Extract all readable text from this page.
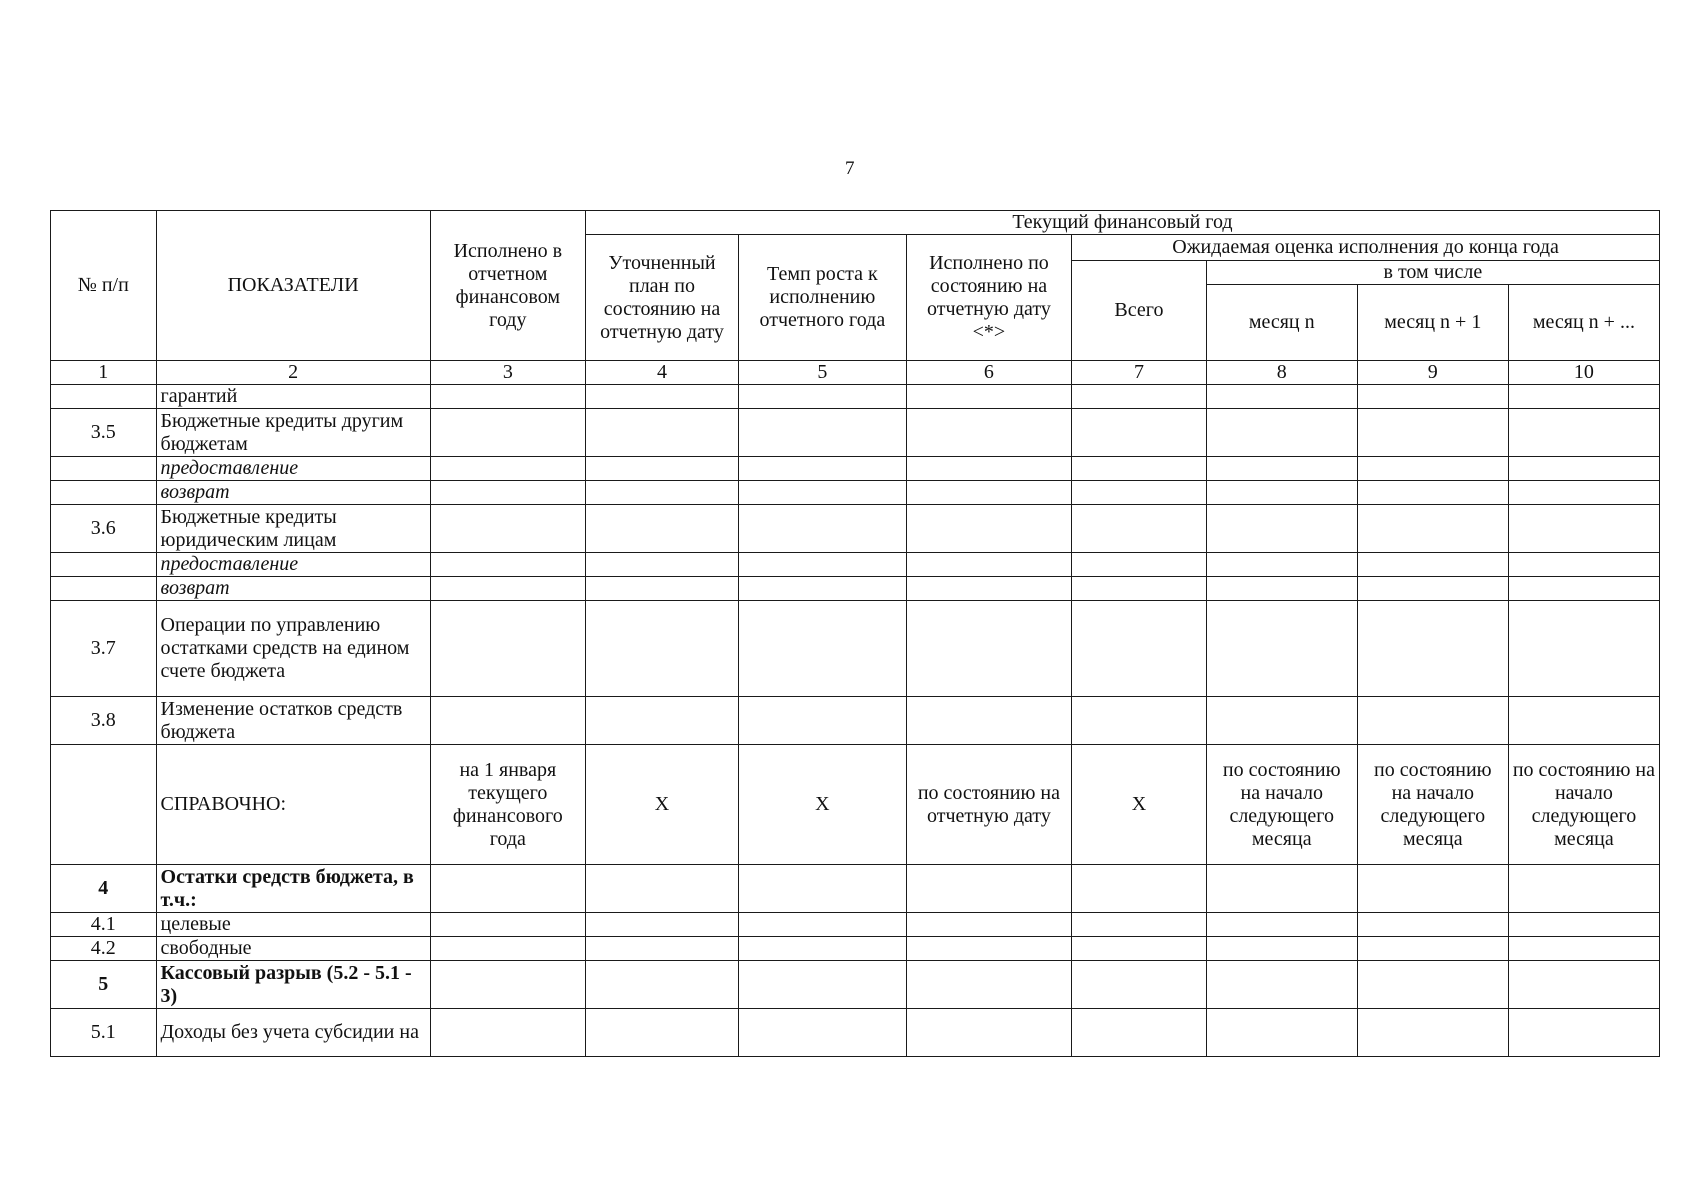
7
№ п/п	ПОКАЗАТЕЛИ	Исполнено в отчетном финансовом году	Текущий финансовый год						
			Уточненный план по состоянию на отчетную дату	Темп роста к исполнению отчетного года	Исполнено по состоянию на отчетную дату <*>	Ожидаемая оценка исполнения до конца года			
						Всего	в том числе		
							месяц n	месяц n + 1	месяц n + ...
1	2	3	4	5	6	7	8	9	10
	гарантий								
3.5	Бюджетные кредиты другим бюджетам								
	предоставление								
	возврат								
3.6	Бюджетные кредиты юридическим лицам								
	предоставление								
	возврат								
3.7	Операции по управлению остатками средств на едином счете бюджета								
3.8	Изменение остатков средств бюджета								
	СПРАВОЧНО:	на 1 января текущего финансового года	Х	Х	по состоянию на отчетную дату	Х	по состоянию на начало следующего месяца	по состоянию на начало следующего месяца	по состоянию на начало следующего месяца
4	Остатки средств бюджета, в т.ч.:								
4.1	целевые								
4.2	свободные								
5	Кассовый разрыв (5.2 - 5.1 - 3)								
5.1	Доходы без учета субсидии на								
